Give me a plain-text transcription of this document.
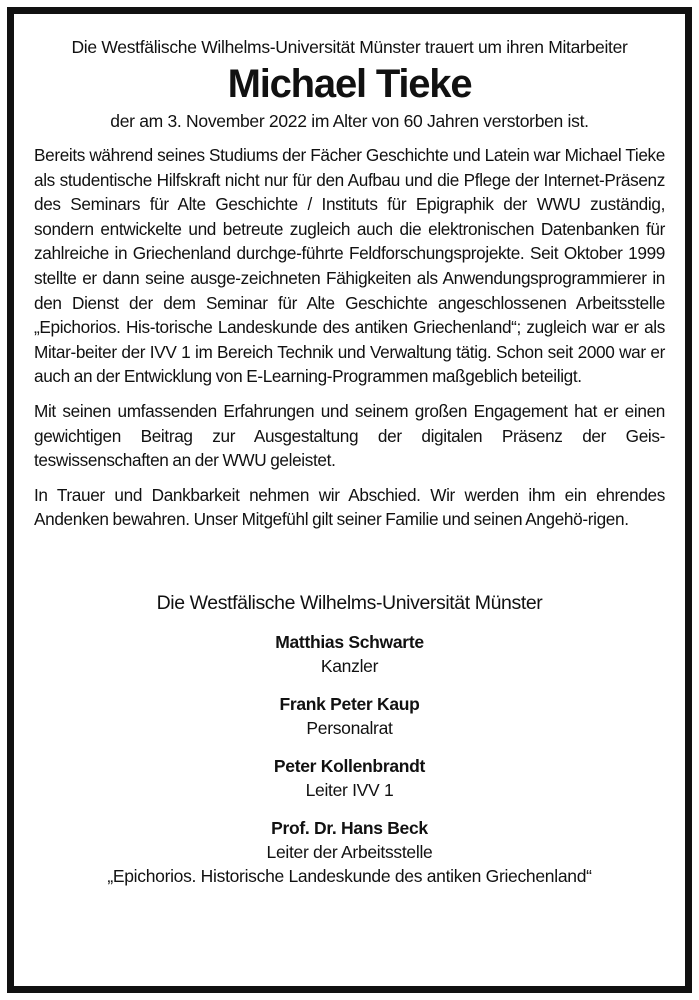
Die Westfälische Wilhelms-Universität Münster trauert um ihren Mitarbeiter

Michael Tieke

der am 3. November 2022 im Alter von 60 Jahren verstorben ist.

Bereits während seines Studiums der Fächer Geschichte und Latein war Michael Tieke als studentische Hilfskraft nicht nur für den Aufbau und die Pflege der Internet-Präsenz des Seminars für Alte Geschichte / Instituts für Epigraphik der WWU zuständig, sondern entwickelte und betreute zugleich auch die elektronischen Datenbanken für zahlreiche in Griechenland durchge-führte Feldforschungsprojekte. Seit Oktober 1999 stellte er dann seine ausge-zeichneten Fähigkeiten als Anwendungsprogrammierer in den Dienst der dem Seminar für Alte Geschichte angeschlossenen Arbeitsstelle „Epichorios. His-torische Landeskunde des antiken Griechenland“; zugleich war er als Mitar-beiter der IVV 1 im Bereich Technik und Verwaltung tätig. Schon seit 2000 war er auch an der Entwicklung von E-Learning-Programmen maßgeblich beteiligt.

Mit seinen umfassenden Erfahrungen und seinem großen Engagement hat er einen gewichtigen Beitrag zur Ausgestaltung der digitalen Präsenz der Geis-teswissenschaften an der WWU geleistet.

In Trauer und Dankbarkeit nehmen wir Abschied. Wir werden ihm ein ehrendes Andenken bewahren. Unser Mitgefühl gilt seiner Familie und seinen Angehö-rigen.

Die Westfälische Wilhelms-Universität Münster

Matthias Schwarte
Kanzler
Frank Peter Kaup
Personalrat
Peter Kollenbrandt
Leiter IVV 1
Prof. Dr. Hans Beck
Leiter der Arbeitsstelle
„Epichorios. Historische Landeskunde des antiken Griechenland“
